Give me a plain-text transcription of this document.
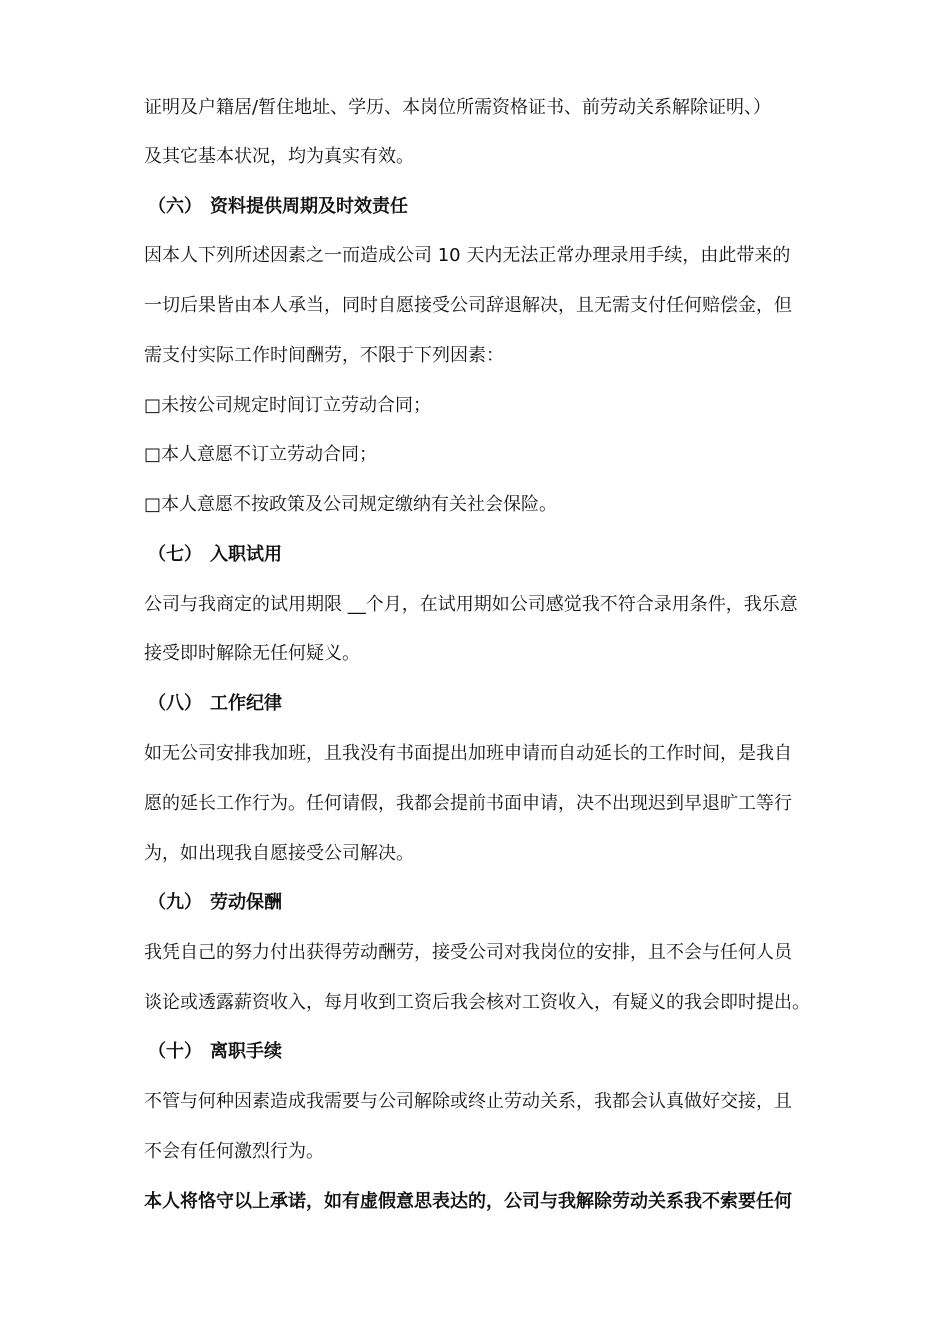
证明及户籍居/暂住地址、学历、本岗位所需资格证书、前劳动关系解除证明、）
及其它基本状况，均为真实有效。
（六） 资料提供周期及时效责任
因本人下列所述因素之一而造成公司 10 天内无法正常办理录用手续，由此带来的
一切后果皆由本人承当，同时自愿接受公司辞退解决，且无需支付任何赔偿金，但
需支付实际工作时间酬劳，不限于下列因素：
□未按公司规定时间订立劳动合同；
□本人意愿不订立劳动合同；
□本人意愿不按政策及公司规定缴纳有关社会保险。
（七） 入职试用
公司与我商定的试用期限 __个月，在试用期如公司感觉我不符合录用条件，我乐意
接受即时解除无任何疑义。
（八） 工作纪律
如无公司安排我加班，且我没有书面提出加班申请而自动延长的工作时间，是我自
愿的延长工作行为。任何请假，我都会提前书面申请，决不出现迟到早退旷工等行
为，如出现我自愿接受公司解决。
（九） 劳动保酬
我凭自己的努力付出获得劳动酬劳，接受公司对我岗位的安排，且不会与任何人员
谈论或透露薪资收入，每月收到工资后我会核对工资收入，有疑义的我会即时提出。
（十） 离职手续
不管与何种因素造成我需要与公司解除或终止劳动关系，我都会认真做好交接，且
不会有任何激烈行为。
本人将恪守以上承诺，如有虚假意思表达的，公司与我解除劳动关系我不索要任何
